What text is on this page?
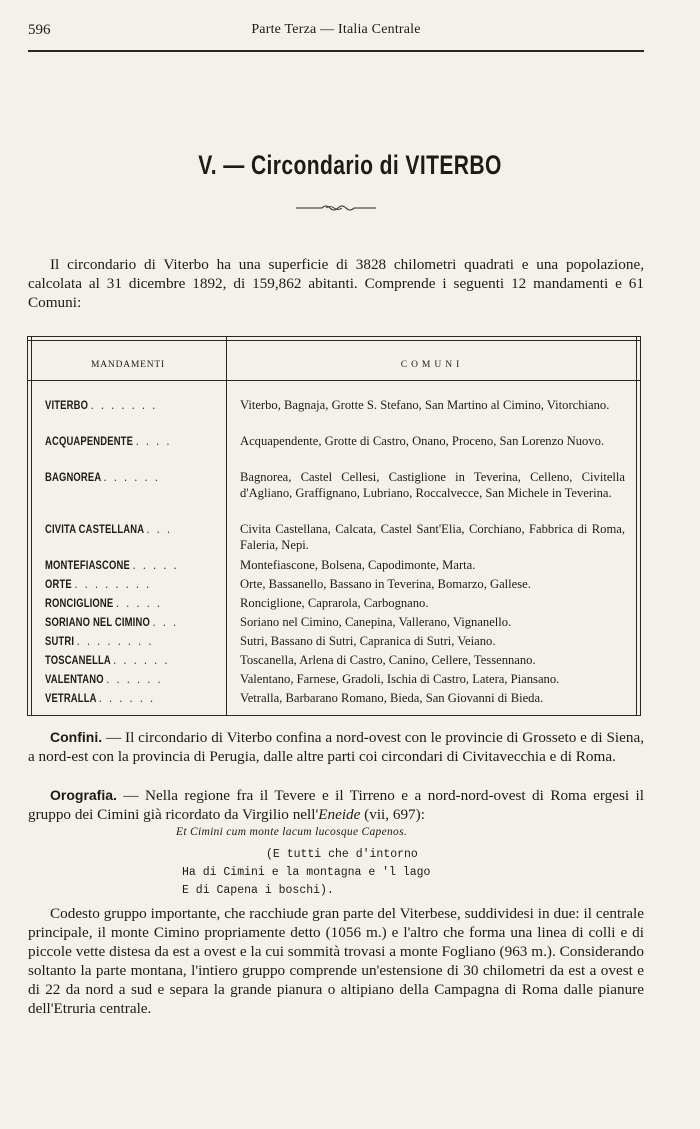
596	Parte Terza — Italia Centrale
V. — Circondario di VITERBO

Il circondario di Viterbo ha una superficie di 3828 chilometri quadrati e una popolazione, calcolata al 31 dicembre 1892, di 159,862 abitanti. Comprende i seguenti 12 mandamenti e 61 Comuni:

MANDAMENTI	COMUNI
VITERBO . . . . . . .	Viterbo, Bagnaja, Grotte S. Stefano, San Martino al Cimino, Vitorchiano.
ACQUAPENDENTE . . . .	Acquapendente, Grotte di Castro, Onano, Proceno, San Lorenzo Nuovo.
BAGNOREA . . . . . .	Bagnorea, Castel Cellesi, Castiglione in Teverina, Celleno, Civitella d'Agliano, Graffignano, Lubriano, Roccalvecce, San Michele in Teverina.
CIVITA CASTELLANA . . .	Civita Castellana, Calcata, Castel Sant'Elia, Corchiano, Fabbrica di Roma, Faleria, Nepi.
MONTEFIASCONE . . . . .	Montefiascone, Bolsena, Capodimonte, Marta.
ORTE . . . . . . . .	Orte, Bassanello, Bassano in Teverina, Bomarzo, Gallese.
RONCIGLIONE . . . . .	Ronciglione, Caprarola, Carbognano.
SORIANO NEL CIMINO . . .	Soriano nel Cimino, Canepina, Vallerano, Vignanello.
SUTRI . . . . . . . .	Sutri, Bassano di Sutri, Capranica di Sutri, Veiano.
TOSCANELLA . . . . . .	Toscanella, Arlena di Castro, Canino, Cellere, Tessennano.
VALENTANO . . . . . .	Valentano, Farnese, Gradoli, Ischia di Castro, Latera, Piansano.
VETRALLA . . . . . .	Vetralla, Barbarano Romano, Bieda, San Giovanni di Bieda.

Confini. — Il circondario di Viterbo confina a nord-ovest con le provincie di Grosseto e di Siena, a nord-est con la provincia di Perugia, dalle altre parti coi circondari di Civitavecchia e di Roma.

Orografia. — Nella regione fra il Tevere e il Tirreno e a nord-nord-ovest di Roma ergesi il gruppo dei Cimini già ricordato da Virgilio nell'Eneide (vii, 697):

Et Cimini cum monte lacum lucosque Capenos.
(E tutti che d'intorno
Ha di Cimini e la montagna e 'l lago
E di Capena i boschi).

Codesto gruppo importante, che racchiude gran parte del Viterbese, suddividesi in due: il centrale principale, il monte Cimino propriamente detto (1056 m.) e l'altro che forma una linea di colli e di piccole vette distesa da est a ovest e la cui sommità trovasi a monte Fogliano (963 m.). Considerando soltanto la parte montana, l'intiero gruppo comprende un'estensione di 30 chilometri da est a ovest e di 22 da nord a sud e separa la grande pianura o altipiano della Campagna di Roma dalle pianure dell'Etruria centrale.
